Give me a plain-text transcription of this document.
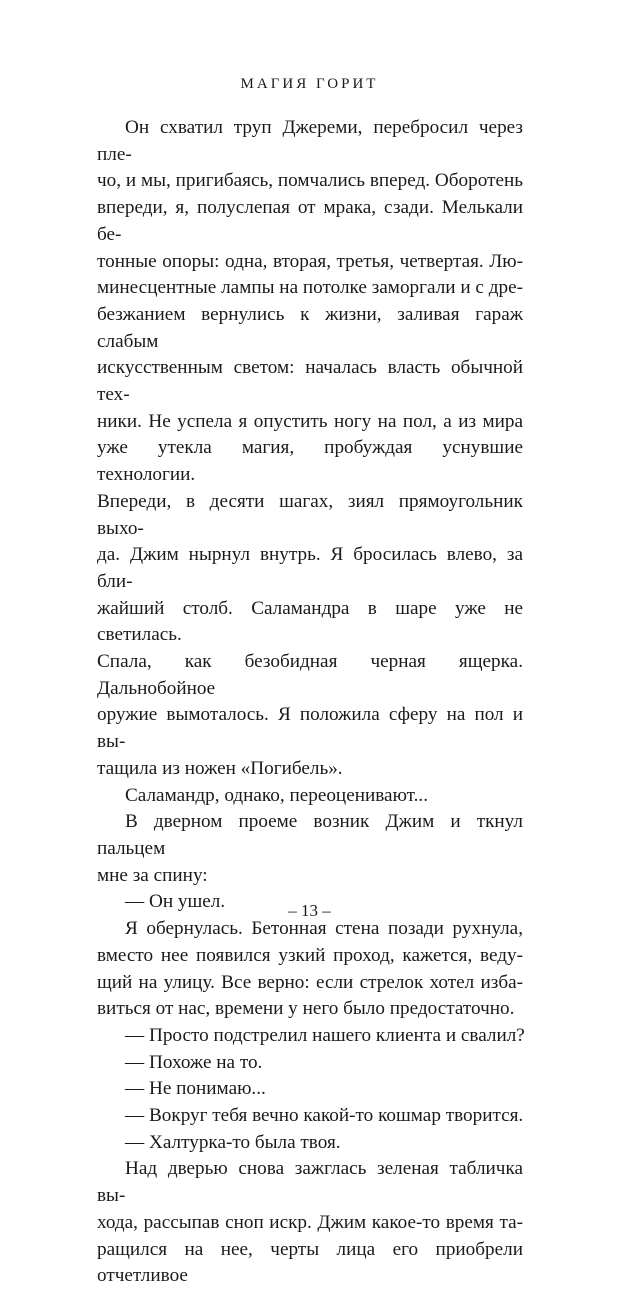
МАГИЯ ГОРИТ
Он схватил труп Джереми, перебросил через пле-
чо, и мы, пригибаясь, помчались вперед. Оборотень
впереди, я, полуслепая от мрака, сзади. Мелькали бе-
тонные опоры: одна, вторая, третья, четвертая. Лю-
минесцентные лампы на потолке заморгали и с дре-
безжанием вернулись к жизни, заливая гараж слабым
искусственным светом: началась власть обычной тех-
ники. Не успела я опустить ногу на пол, а из мира
уже утекла магия, пробуждая уснувшие технологии.
Впереди, в десяти шагах, зиял прямоугольник выхо-
да. Джим нырнул внутрь. Я бросилась влево, за бли-
жайший столб. Саламандра в шаре уже не светилась.
Спала, как безобидная черная ящерка. Дальнобойное
оружие вымоталось. Я положила сферу на пол и вы-
тащила из ножен «Погибель».
Саламандр, однако, переоценивают...
В дверном проеме возник Джим и ткнул пальцем
мне за спину:
— Он ушел.
Я обернулась. Бетонная стена позади рухнула,
вместо нее появился узкий проход, кажется, веду-
щий на улицу. Все верно: если стрелок хотел изба-
виться от нас, времени у него было предостаточно.
— Просто подстрелил нашего клиента и свалил?
— Похоже на то.
— Не понимаю...
— Вокруг тебя вечно какой-то кошмар творится.
— Халтурка-то была твоя.
Над дверью снова зажглась зеленая табличка вы-
хода, рассыпав сноп искр. Джим какое-то время та-
ращился на нее, черты лица его приобрели отчетливое
– 13 –
